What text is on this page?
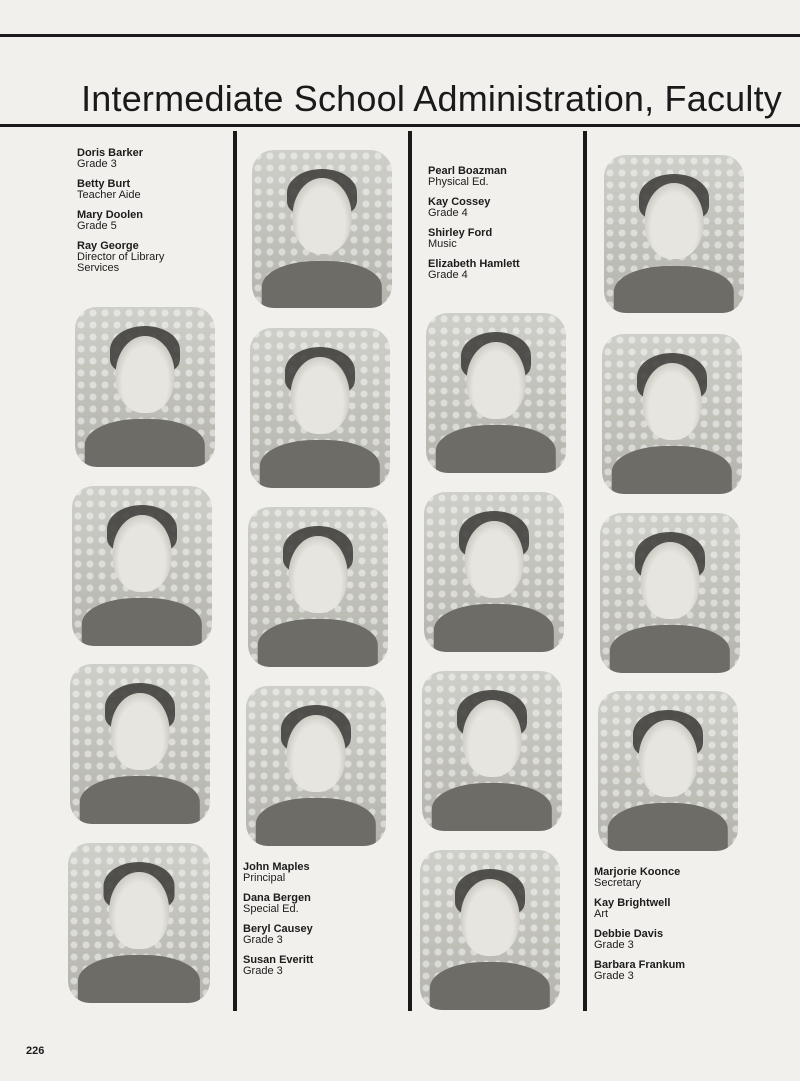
Intermediate School Administration, Faculty
Doris Barker
Grade 3
Betty Burt
Teacher Aide
Mary Doolen
Grade 5
Ray George
Director of Library Services
John Maples
Principal
Dana Bergen
Special Ed.
Beryl Causey
Grade 3
Susan Everitt
Grade 3
Pearl Boazman
Physical Ed.
Kay Cossey
Grade 4
Shirley Ford
Music
Elizabeth Hamlett
Grade 4
Marjorie Koonce
Secretary
Kay Brightwell
Art
Debbie Davis
Grade 3
Barbara Frankum
Grade 3
226
